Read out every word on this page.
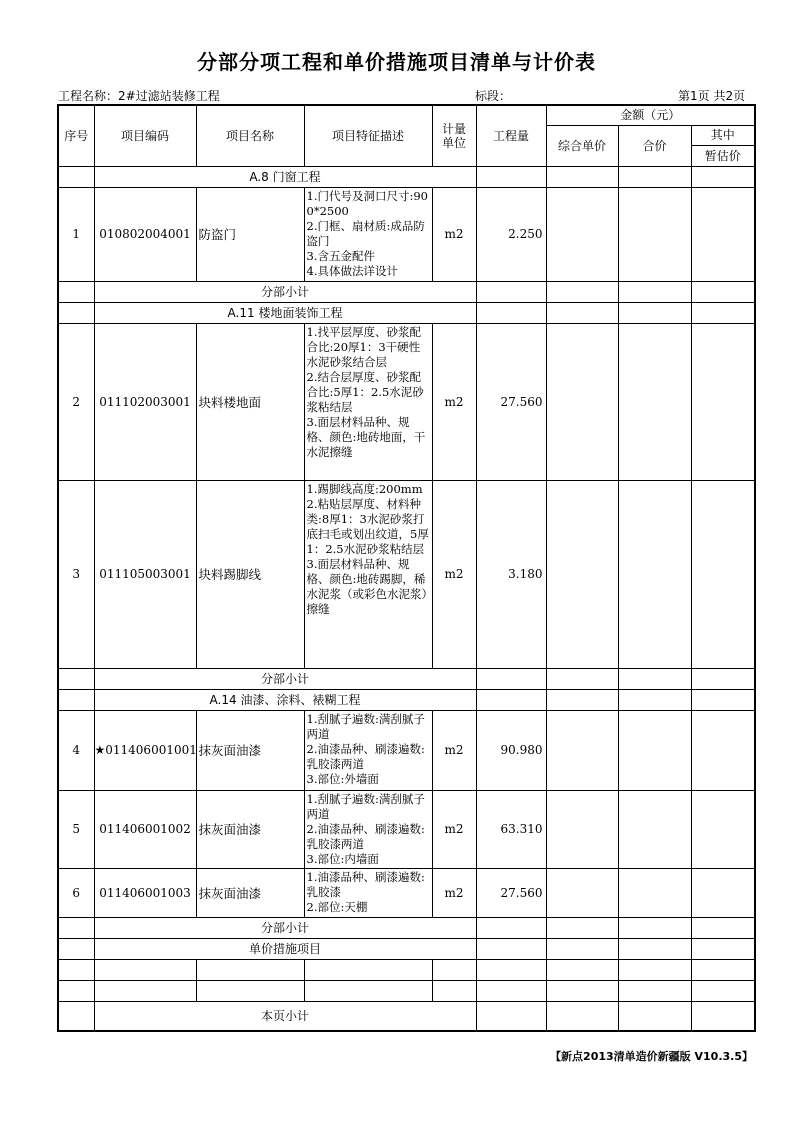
分部分项工程和单价措施项目清单与计价表
工程名称：2#过滤站装修工程	标段：	第1页 共2页
序号	项目编码	项目名称	项目特征描述	计量单位	工程量	金额（元）		
						综合单价	合价	其中
								暂估价
	A.8 门窗工程							
1	010802004001	防盗门	1.门代号及洞口尺寸:900*2500
2.门框、扇材质:成品防盗门
3.含五金配件
4.具体做法详设计	m2	2.250			
	分部小计							
	A.11 楼地面装饰工程							
2	011102003001	块料楼地面	1.找平层厚度、砂浆配合比:20厚1：3干硬性水泥砂浆结合层
2.结合层厚度、砂浆配合比:5厚1：2.5水泥砂浆粘结层
3.面层材料品种、规格、颜色:地砖地面，干水泥擦缝	m2	27.560			
3	011105003001	块料踢脚线	1.踢脚线高度:200mm
2.粘贴层厚度、材料种类:8厚1：3水泥砂浆打底扫毛或划出纹道，5厚1：2.5水泥砂浆粘结层
3.面层材料品种、规格、颜色:地砖踢脚，稀水泥浆（或彩色水泥浆）擦缝	m2	3.180			
	分部小计							
	A.14 油漆、涂料、裱糊工程							
4	★011406001001	抹灰面油漆	1.刮腻子遍数:满刮腻子两道
2.油漆品种、刷漆遍数:乳胶漆两道
3.部位:外墙面	m2	90.980			
5	011406001002	抹灰面油漆	1.刮腻子遍数:满刮腻子两道
2.油漆品种、刷漆遍数:乳胶漆两道
3.部位:内墙面	m2	63.310			
6	011406001003	抹灰面油漆	1.油漆品种、刷漆遍数:乳胶漆
2.部位:天棚	m2	27.560			
	分部小计							
	单价措施项目							

	本页小计							
【新点2013清单造价新疆版 V10.3.5】
